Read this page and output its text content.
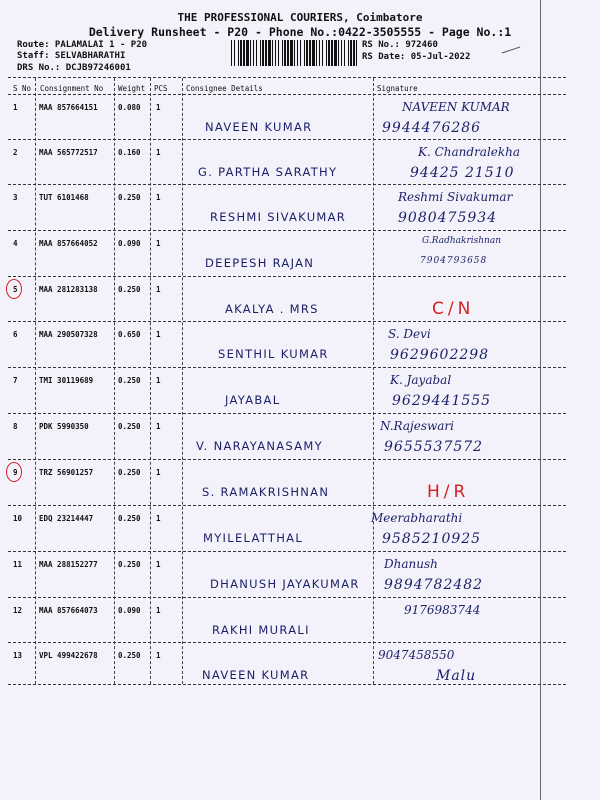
THE PROFESSIONAL COURIERS, Coimbatore
Delivery Runsheet - P20 - Phone No.:0422-3505555 - Page No.:1
Route: PALAMALAI 1 - P20
Staff: SELVABHARATHI
DRS No.: DCJB97246001
RS No.: 972460
RS Date: 05-Jul-2022
S No Consignment No Weight PCS Consignee Details	Signature
1	MAA 857664151	0.080 1
NAVEEN KUMAR
NAVEEN KUMAR
9944476286
2	MAA 565772517	0.160 1
G. PARTHA SARATHY
K. Chandralekha
94425 21510
3	TUT 6101468	0.250 1
RESHMI SIVAKUMAR
Reshmi Sivakumar
9080475934
4	MAA 857664052	0.090 1
DEEPESH RAJAN
G.Radhakrishnan
7904793658
5	MAA 281283138	0.250 1
AKALYA . MRS	C/N
6	MAA 290507328	0.650 1
SENTHIL KUMAR
S. Devi
9629602298
7	TMI 30119689	0.250 1
JAYABAL
K. Jayabal
9629441555
8	PDK 5990350	0.250 1
V. NARAYANASAMY
N.Rajeswari
9655537572
9	TRZ 56901257	0.250 1
S. RAMAKRISHNAN	H/R
10 EDQ 23214447	0.250 1
MYILELATTHAL
Meerabharathi
9585210925
11 MAA 288152277	0.250 1
DHANUSH JAYAKUMAR
Dhanush
9894782482
12 MAA 857664073	0.090 1
RAKHI MURALI
9176983744
13 VPL 499422678	0.250 1
NAVEEN KUMAR
9047458550
Malu
